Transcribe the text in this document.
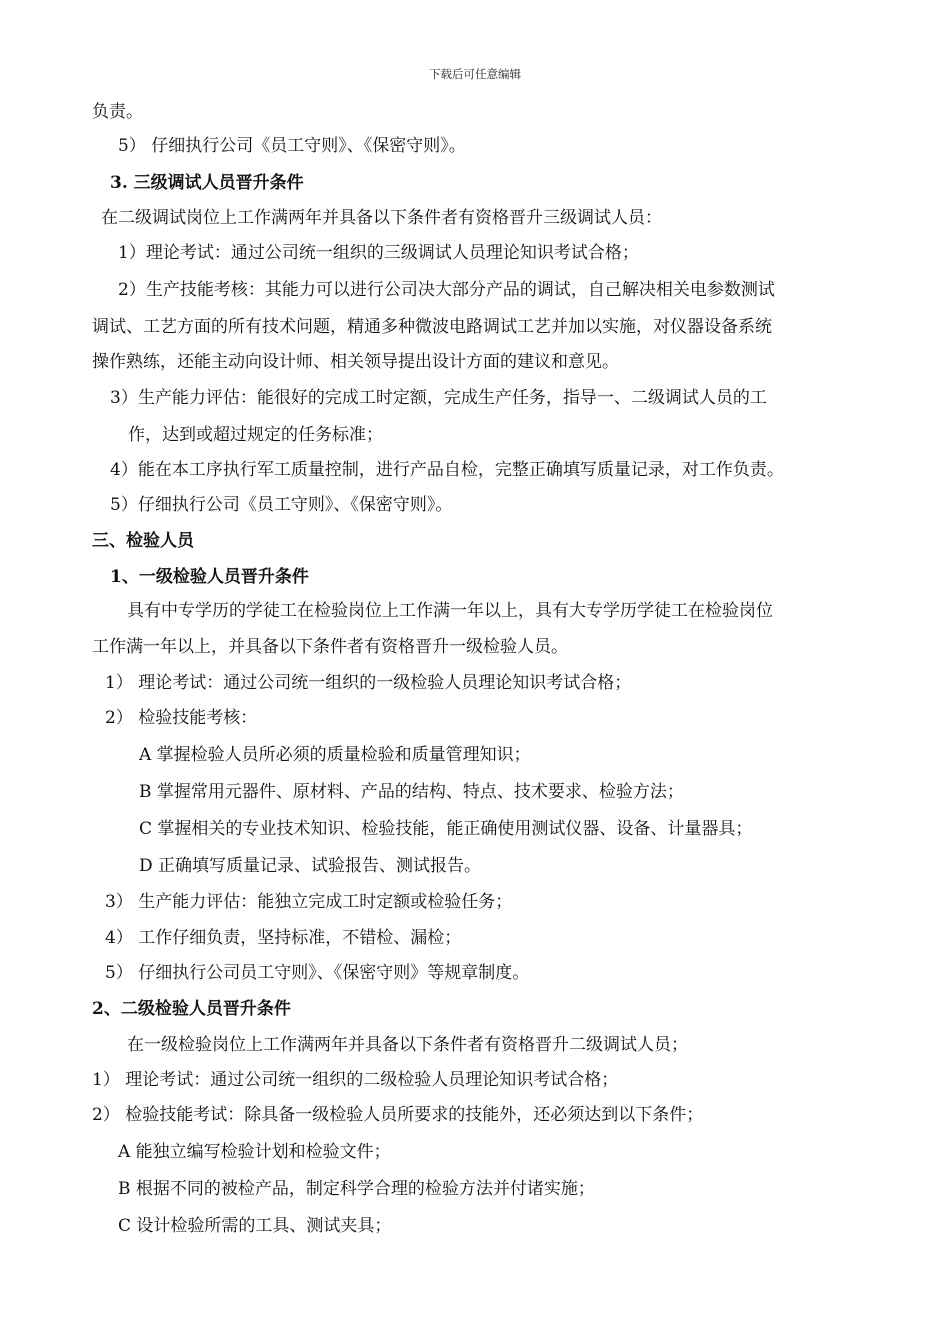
下载后可任意编辑
负责。
5） 仔细执行公司《员工守则》、《保密守则》。
3. 三级调试人员晋升条件
在二级调试岗位上工作满两年并具备以下条件者有资格晋升三级调试人员：
1）理论考试：通过公司统一组织的三级调试人员理论知识考试合格；
2）生产技能考核：其能力可以进行公司决大部分产品的调试，自己解决相关电参数测试
调试、工艺方面的所有技术问题，精通多种微波电路调试工艺并加以实施，对仪器设备系统
操作熟练，还能主动向设计师、相关领导提出设计方面的建议和意见。
3）生产能力评估：能很好的完成工时定额，完成生产任务，指导一、二级调试人员的工
作，达到或超过规定的任务标准；
4）能在本工序执行军工质量控制，进行产品自检，完整正确填写质量记录，对工作负责。
5）仔细执行公司《员工守则》、《保密守则》。
三、检验人员
1、一级检验人员晋升条件
具有中专学历的学徒工在检验岗位上工作满一年以上，具有大专学历学徒工在检验岗位
工作满一年以上，并具备以下条件者有资格晋升一级检验人员。
1） 理论考试：通过公司统一组织的一级检验人员理论知识考试合格；
2） 检验技能考核：
A 掌握检验人员所必须的质量检验和质量管理知识；
B 掌握常用元器件、原材料、产品的结构、特点、技术要求、检验方法；
C 掌握相关的专业技术知识、检验技能，能正确使用测试仪器、设备、计量器具；
D 正确填写质量记录、试验报告、测试报告。
3） 生产能力评估：能独立完成工时定额或检验任务；
4） 工作仔细负责，坚持标准，不错检、漏检；
5） 仔细执行公司员工守则》、《保密守则》等规章制度。
2、二级检验人员晋升条件
在一级检验岗位上工作满两年并具备以下条件者有资格晋升二级调试人员；
1） 理论考试：通过公司统一组织的二级检验人员理论知识考试合格；
2） 检验技能考试：除具备一级检验人员所要求的技能外，还必须达到以下条件；
A 能独立编写检验计划和检验文件；
B 根据不同的被检产品，制定科学合理的检验方法并付诸实施；
C 设计检验所需的工具、测试夹具；
